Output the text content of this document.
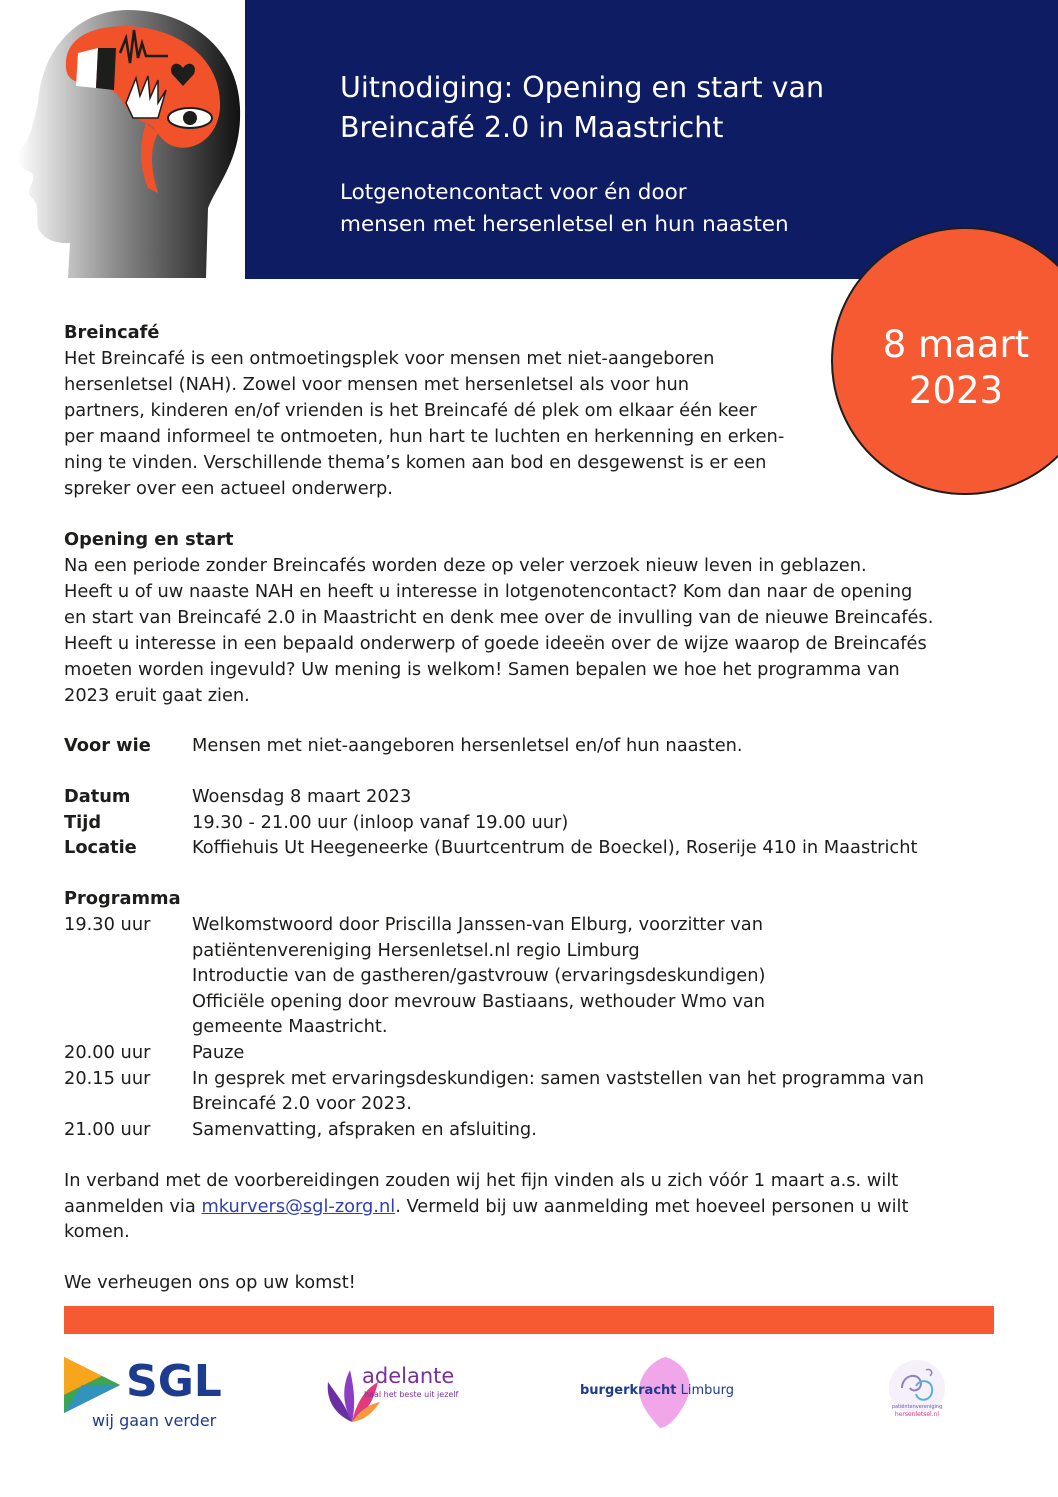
Uitnodiging: Opening en start van
Breincafé 2.0 in Maastricht
Lotgenotencontact voor én door
mensen met hersenletsel en hun naasten
8 maart
2023
Breincafé
Het Breincafé is een ontmoetingsplek voor mensen met niet-aangeboren
hersenletsel (NAH). Zowel voor mensen met hersenletsel als voor hun
partners, kinderen en/of vrienden is het Breincafé dé plek om elkaar één keer
per maand informeel te ontmoeten, hun hart te luchten en herkenning en erken-
ning te vinden. Verschillende thema’s komen aan bod en desgewenst is er een
spreker over een actueel onderwerp.
Opening en start
Na een periode zonder Breincafés worden deze op veler verzoek nieuw leven in geblazen.
Heeft u of uw naaste NAH en heeft u interesse in lotgenotencontact? Kom dan naar de opening
en start van Breincafé 2.0 in Maastricht en denk mee over de invulling van de nieuwe Breincafés.
Heeft u interesse in een bepaald onderwerp of goede ideeën over de wijze waarop de Breincafés
moeten worden ingevuld? Uw mening is welkom! Samen bepalen we hoe het programma van
2023 eruit gaat zien.
Voor wie Mensen met niet-aangeboren hersenletsel en/of hun naasten.
Datum	Woensdag 8 maart 2023
Tijd	19.30 - 21.00 uur (inloop vanaf 19.00 uur)
Locatie	Koffiehuis Ut Heegeneerke (Buurtcentrum de Boeckel), Roserije 410 in Maastricht
Programma
19.30 uur Welkomstwoord door Priscilla Janssen-van Elburg, voorzitter van
patiëntenvereniging Hersenletsel.nl regio Limburg
Introductie van de gastheren/gastvrouw (ervaringsdeskundigen)
Officiële opening door mevrouw Bastiaans, wethouder Wmo van
gemeente Maastricht.
20.00 uur Pauze
20.15 uur In gesprek met ervaringsdeskundigen: samen vaststellen van het programma van
Breincafé 2.0 voor 2023.
21.00 uur Samenvatting, afspraken en afsluiting.
In verband met de voorbereidingen zouden wij het fijn vinden als u zich vóór 1 maart a.s. wilt
aanmelden via mkurvers@sgl-zorg.nl. Vermeld bij uw aanmelding met hoeveel personen u wilt
komen.
We verheugen ons op uw komst!
SGL
wij gaan verder
adelante
haal het beste uit jezelf	burgerkracht Limburg
patiëntenvereniging
hersenletsel.nl
